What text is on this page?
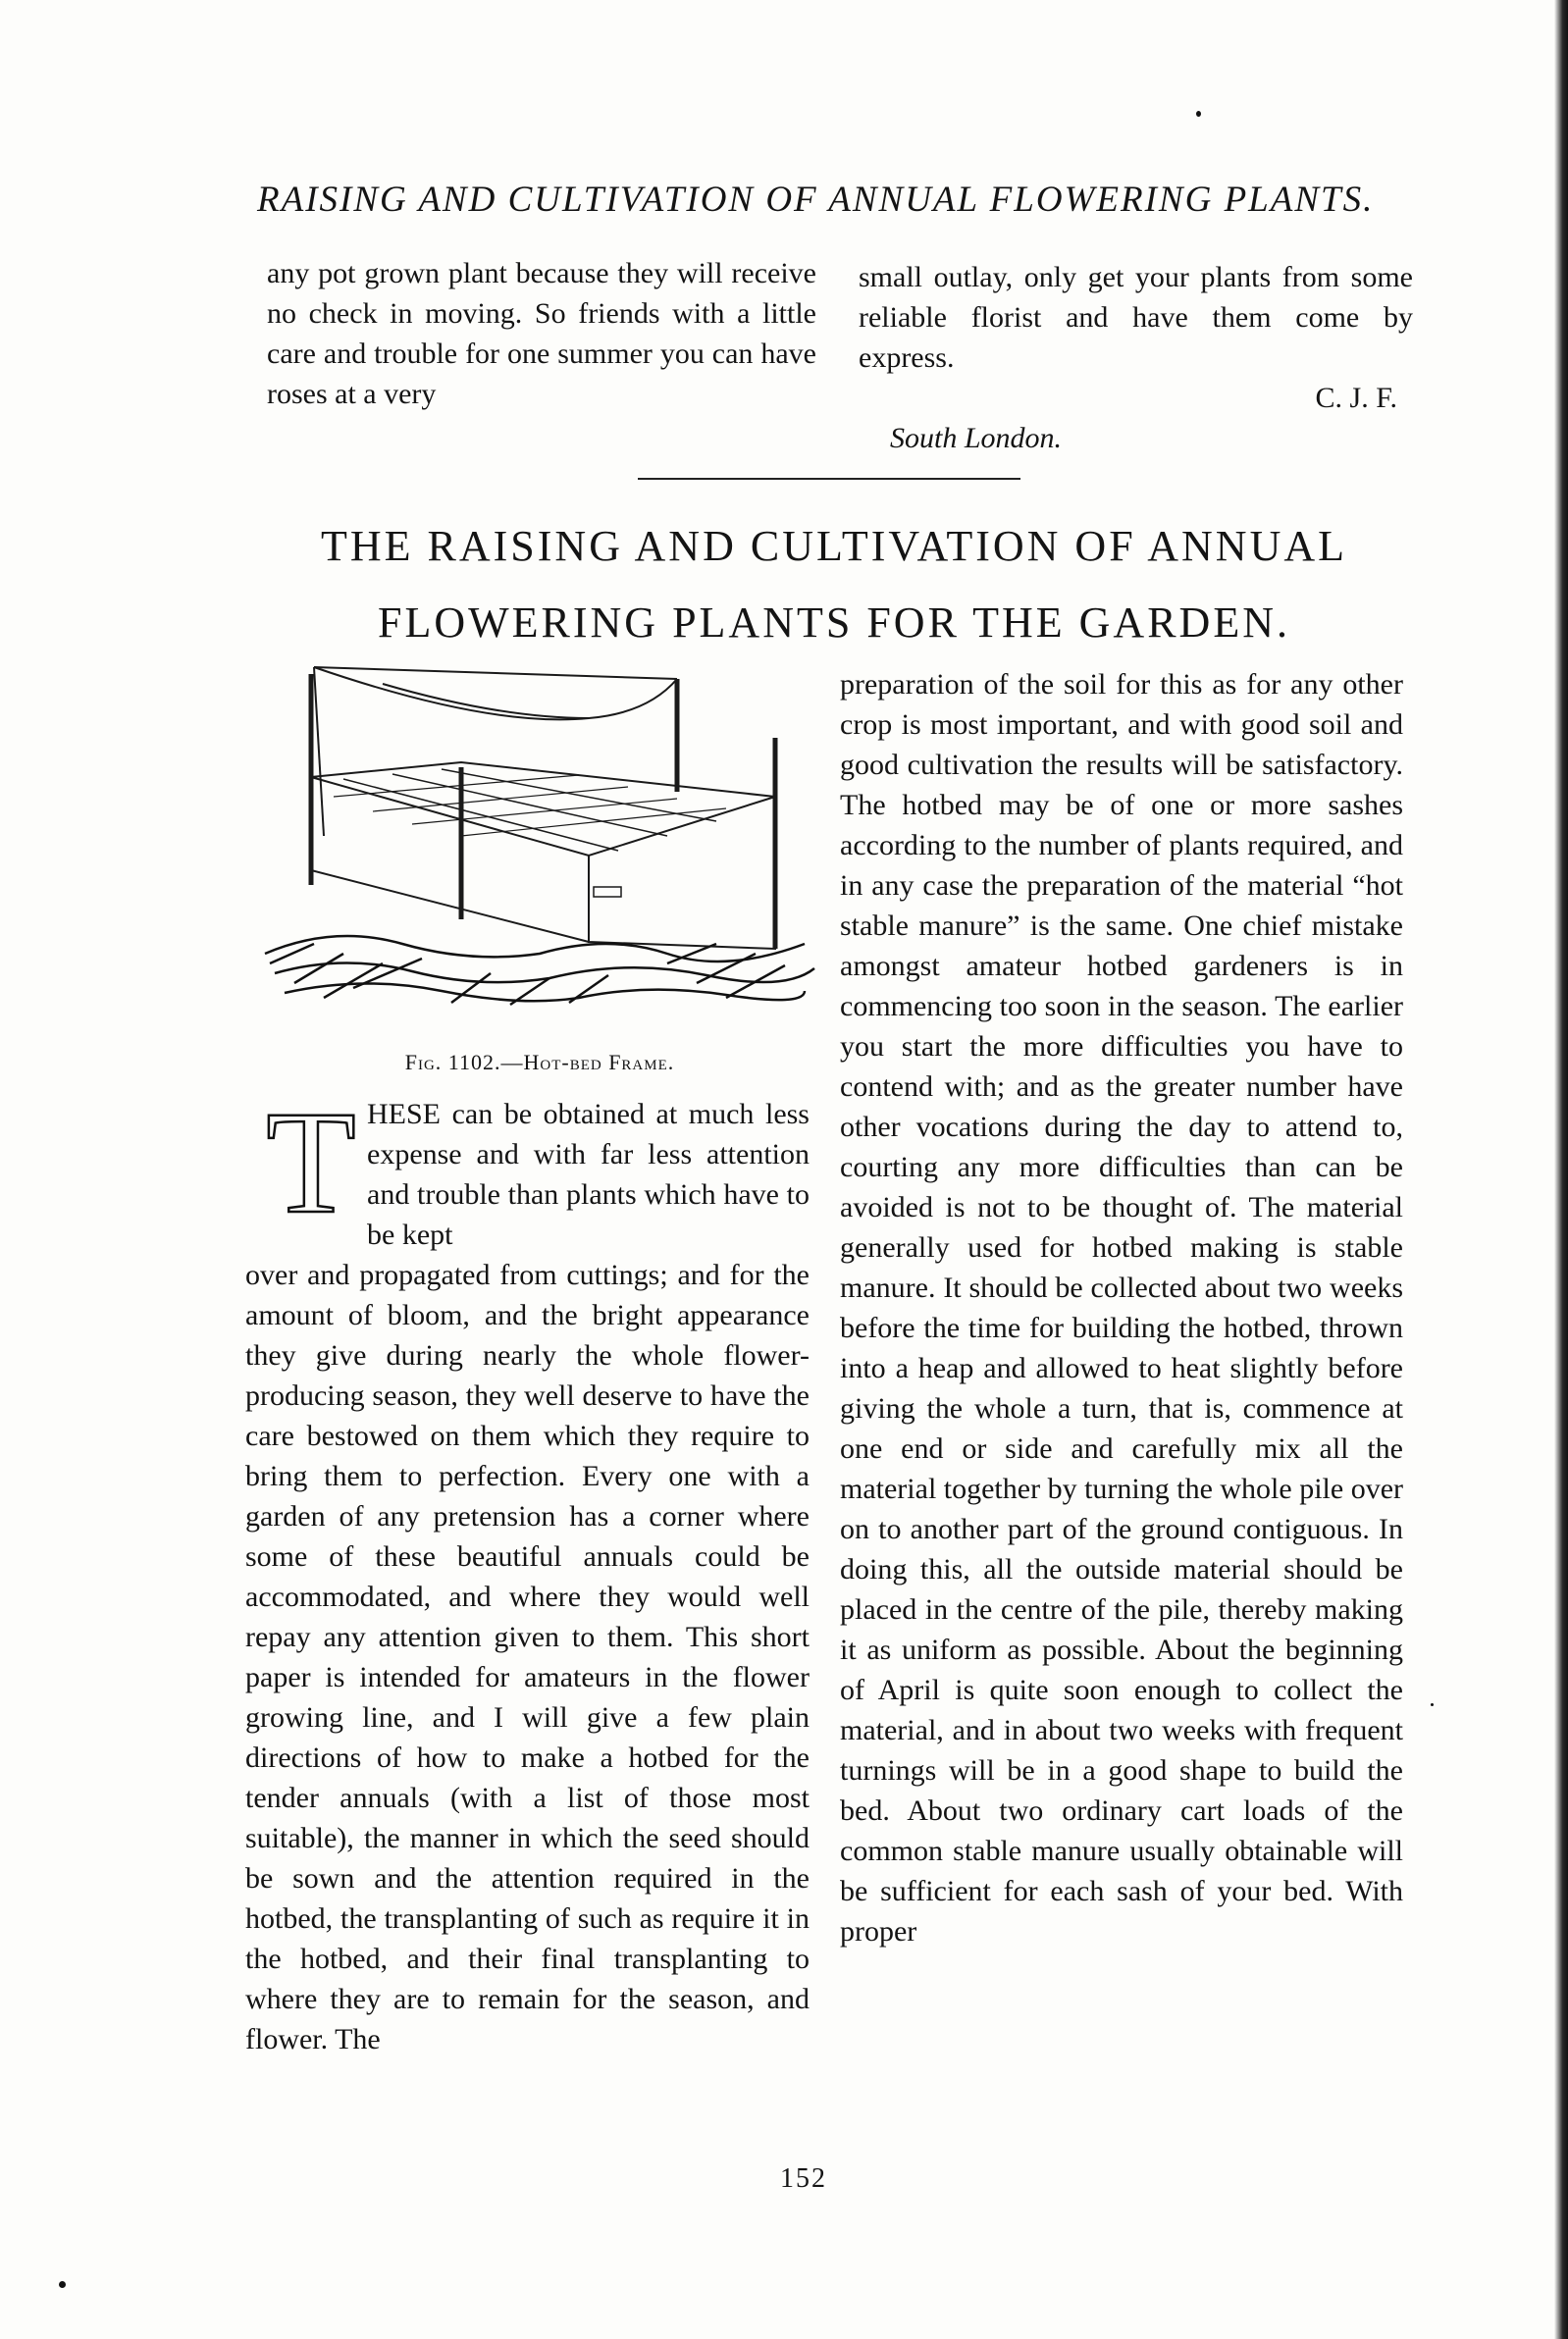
RAISING AND CULTIVATION OF ANNUAL FLOWERING PLANTS.

any pot grown plant because they will receive no check in moving. So friends with a little care and trouble for one summer you can have roses at a very

small outlay, only get your plants from some reliable florist and have them come by express.

C. J. F.
South London.
THE RAISING AND CULTIVATION OF ANNUAL
FLOWERING PLANTS FOR THE GARDEN.
Fig. 1102.—Hot-bed Frame.
T HESE can be obtained at much less expense and with far less attention and trouble than plants which have to be kept

over and propagated from cuttings; and for the amount of bloom, and the bright appearance they give during nearly the whole flower-producing season, they well deserve to have the care bestowed on them which they require to bring them to perfection. Every one with a garden of any pretension has a corner where some of these beautiful annuals could be accommodated, and where they would well repay any attention given to them. This short paper is intended for amateurs in the flower growing line, and I will give a few plain directions of how to make a hotbed for the tender annuals (with a list of those most suitable), the manner in which the seed should be sown and the attention required in the hotbed, the transplanting of such as require it in the hotbed, and their final transplanting to where they are to remain for the season, and flower. The

preparation of the soil for this as for any other crop is most important, and with good soil and good cultivation the results will be satisfactory. The hotbed may be of one or more sashes according to the number of plants required, and in any case the preparation of the material “hot stable manure” is the same. One chief mistake amongst amateur hotbed gardeners is in commencing too soon in the season. The earlier you start the more difficulties you have to contend with; and as the greater number have other vocations during the day to attend to, courting any more difficulties than can be avoided is not to be thought of. The material generally used for hotbed making is stable manure. It should be collected about two weeks before the time for building the hotbed, thrown into a heap and allowed to heat slightly before giving the whole a turn, that is, commence at one end or side and carefully mix all the material together by turning the whole pile over on to another part of the ground contiguous. In doing this, all the outside material should be placed in the centre of the pile, thereby making it as uniform as possible. About the beginning of April is quite soon enough to collect the material, and in about two weeks with frequent turnings will be in a good shape to build the bed. About two ordinary cart loads of the common stable manure usually obtainable will be sufficient for each sash of your bed. With proper

152
